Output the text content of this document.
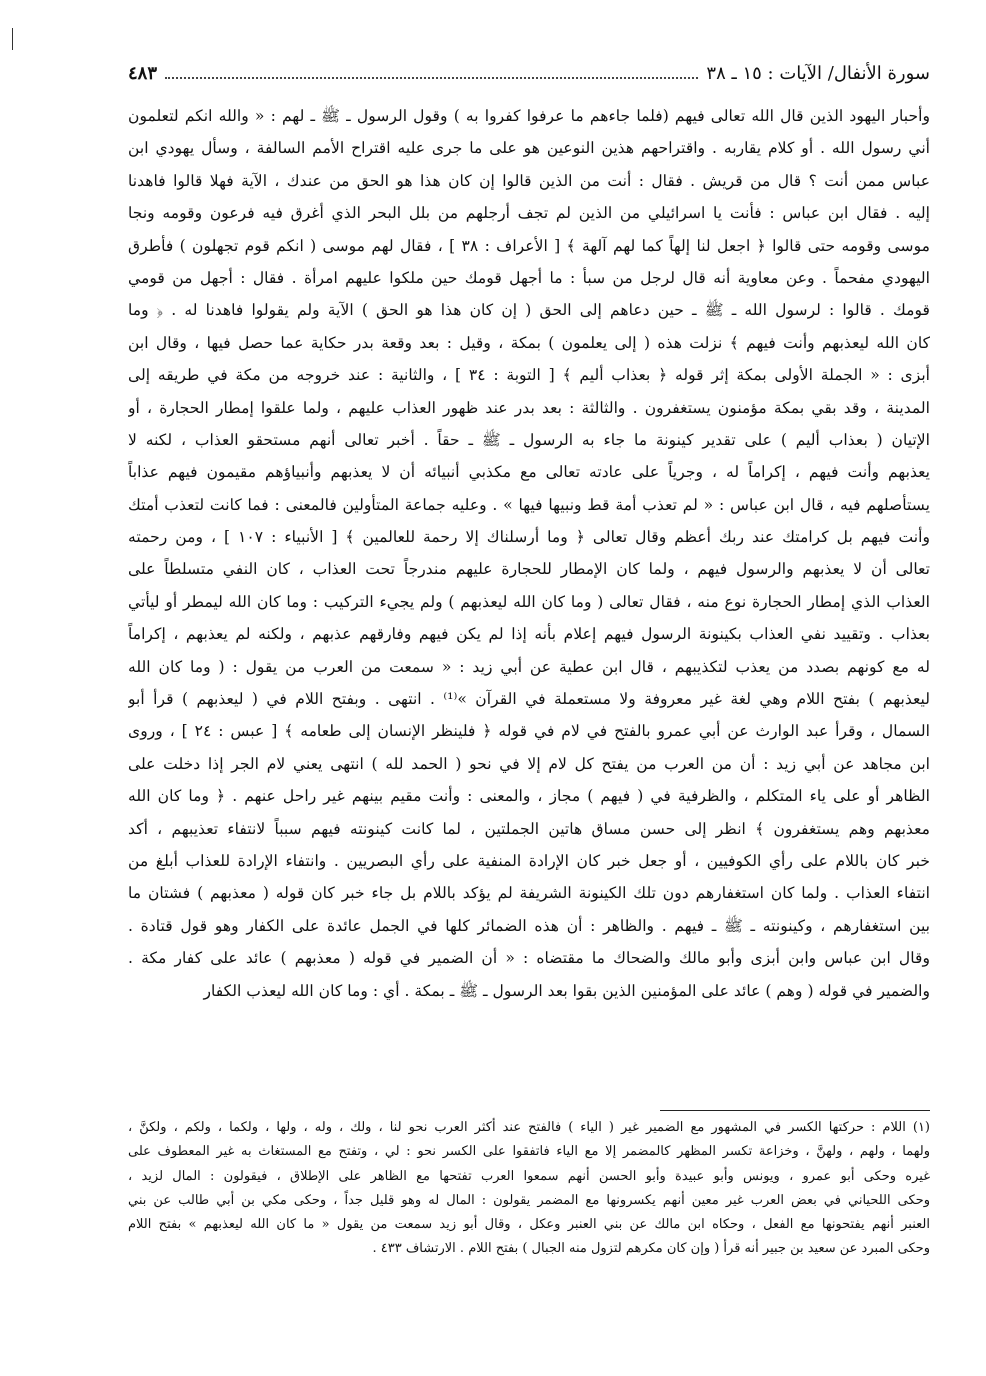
سورة الأنفال/ الآيات : ١٥ ـ ٣٨
٤٨٣
وأحبار اليهود الذين قال الله تعالى فيهم (فلما جاءهم ما عرفوا كفروا به ) وقول الرسول ـ ﷺ ـ لهم : « والله انكم لتعلمون
أني رسول الله . أو كلام يقاربه . واقتراحهم هذين النوعين هو على ما جرى عليه اقتراح الأمم السالفة ، وسأل يهودي ابن
عباس ممن أنت ؟ قال من قريش . فقال : أنت من الذين قالوا إن كان هذا هو الحق من عندك ، الآية فهلا قالوا فاهدنا
إليه . فقال ابن عباس : فأنت يا اسرائيلي من الذين لم تجف أرجلهم من بلل البحر الذي أغرق فيه فرعون وقومه ونجا
موسى وقومه حتى قالوا ﴿ اجعل لنا إلهاً كما لهم آلهة ﴾ [ الأعراف : ٣٨ ] ، فقال لهم موسى ( انكم قوم تجهلون ) فأطرق
اليهودي مفحماً . وعن معاوية أنه قال لرجل من سبأ : ما أجهل قومك حين ملكوا عليهم امرأة . فقال : أجهل من قومي
قومك . قالوا : لرسول الله ـ ﷺ ـ حين دعاهم إلى الحق ( إن كان هذا هو الحق ) الآية ولم يقولوا فاهدنا له . ﴿ وما
كان الله ليعذبهم وأنت فيهم ﴾ نزلت هذه ( إلى يعلمون ) بمكة ، وقيل : بعد وقعة بدر حكاية عما حصل فيها ، وقال ابن
أبزى : « الجملة الأولى بمكة إثر قوله ﴿ بعذاب أليم ﴾ [ التوبة : ٣٤ ] ، والثانية : عند خروجه من مكة في طريقه إلى
المدينة ، وقد بقي بمكة مؤمنون يستغفرون . والثالثة : بعد بدر عند ظهور العذاب عليهم ، ولما علقوا إمطار الحجارة ، أو
الإتيان ( بعذاب أليم ) على تقدير كينونة ما جاء به الرسول ـ ﷺ ـ حقاً . أخبر تعالى أنهم مستحقو العذاب ، لكنه لا
يعذبهم وأنت فيهم ، إكراماً له ، وجرياً على عادته تعالى مع مكذبي أنبيائه أن لا يعذبهم وأنبياؤهم مقيمون فيهم عذاباً
يستأصلهم فيه ، قال ابن عباس : « لم تعذب أمة قط ونبيها فيها » . وعليه جماعة المتأولين فالمعنى : فما كانت لتعذب أمتك
وأنت فيهم بل كرامتك عند ربك أعظم وقال تعالى ﴿ وما أرسلناك إلا رحمة للعالمين ﴾ [ الأنبياء : ١٠٧ ] ، ومن رحمته
تعالى أن لا يعذبهم والرسول فيهم ، ولما كان الإمطار للحجارة عليهم مندرجاً تحت العذاب ، كان النفي متسلطاً على
العذاب الذي إمطار الحجارة نوع منه ، فقال تعالى ( وما كان الله ليعذبهم ) ولم يجيء التركيب : وما كان الله ليمطر أو ليأتي
بعذاب . وتقييد نفي العذاب بكينونة الرسول فيهم إعلام بأنه إذا لم يكن فيهم وفارقهم عذبهم ، ولكنه لم يعذبهم ، إكراماً
له مع كونهم بصدد من يعذب لتكذيبهم ، قال ابن عطية عن أبي زيد : « سمعت من العرب من يقول : ( وما كان الله
ليعذبهم ) بفتح اللام وهي لغة غير معروفة ولا مستعملة في القرآن »⁽¹⁾ . انتهى . وبفتح اللام في ( ليعذبهم ) قرأ أبو
السمال ، وقرأ عبد الوارث عن أبي عمرو بالفتح في لام في قوله ﴿ فلينظر الإنسان إلى طعامه ﴾ [ عبس : ٢٤ ] ، وروى
ابن مجاهد عن أبي زيد : أن من العرب من يفتح كل لام إلا في نحو ( الحمد لله ) انتهى يعني لام الجر إذا دخلت على
الظاهر أو على ياء المتكلم ، والظرفية في ( فيهم ) مجاز ، والمعنى : وأنت مقيم بينهم غير راحل عنهم . ﴿ وما كان الله
معذبهم وهم يستغفرون ﴾ انظر إلى حسن مساق هاتين الجملتين ، لما كانت كينونته فيهم سبباً لانتفاء تعذيبهم ، أكد
خبر كان باللام على رأي الكوفيين ، أو جعل خبر كان الإرادة المنفية على رأي البصريين . وانتفاء الإرادة للعذاب أبلغ من
انتفاء العذاب . ولما كان استغفارهم دون تلك الكينونة الشريفة لم يؤكد باللام بل جاء خبر كان قوله ( معذبهم ) فشتان ما
بين استغفارهم ، وكينونته ـ ﷺ ـ فيهم . والظاهر : أن هذه الضمائر كلها في الجمل عائدة على الكفار وهو قول قتادة .
وقال ابن عباس وابن أبزى وأبو مالك والضحاك ما مقتضاه : « أن الضمير في قوله ( معذبهم ) عائد على كفار مكة .
والضمير في قوله ( وهم ) عائد على المؤمنين الذين بقوا بعد الرسول ـ ﷺ ـ بمكة . أي : وما كان الله ليعذب الكفار
(١) اللام : حركتها الكسر في المشهور مع الضمير غير ( الياء ) فالفتح عند أكثر العرب نحو لنا ، ولك ، وله ، ولها ، ولكما ، ولكم ، ولكنَّ ،
ولهما ، ولهم ، ولهنَّ ، وخزاعة تكسر المظهر كالمضمر إلا مع الياء فاتفقوا على الكسر نحو : لي ، وتفتح مع المستغاث به غير المعطوف على
غيره وحكى أبو عمرو ، ويونس وأبو عبيدة وأبو الحسن أنهم سمعوا العرب تفتحها مع الظاهر على الإطلاق ، فيقولون : المال لزيد ،
وحكى اللحياني في بعض العرب غير معين أنهم يكسرونها مع المضمر يقولون : المال له وهو قليل جداً ، وحكى مكي بن أبي طالب عن بني
العنبر أنهم يفتحونها مع الفعل ، وحكاه ابن مالك عن بني العنبر وعكل ، وقال أبو زيد سمعت من يقول « ما كان الله ليعذبهم » بفتح اللام
وحكى المبرد عن سعيد بن جبير أنه قرأ ( وإن كان مكرهم لتزول منه الجبال ) بفتح اللام . الارتشاف ٤٣٣ .
